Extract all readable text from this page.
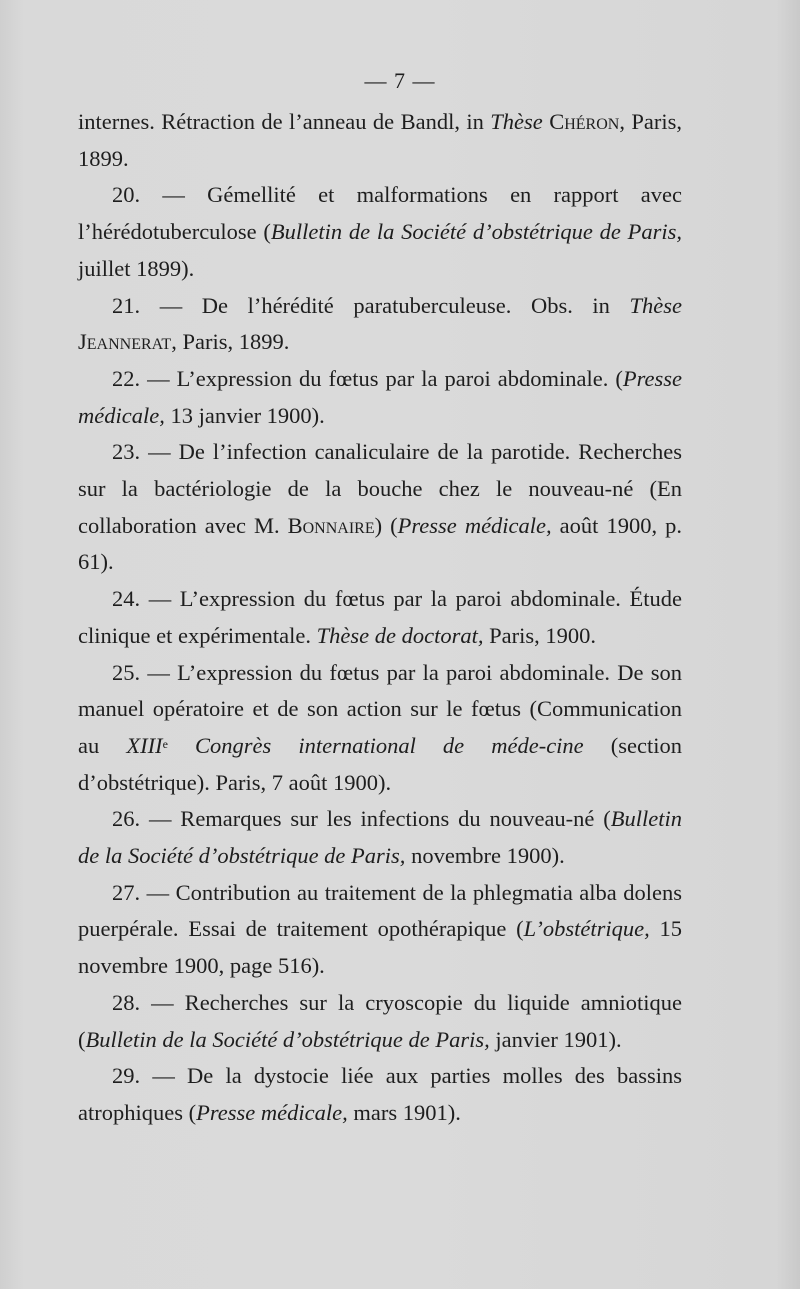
— 7 —

internes. Rétraction de l’anneau de Bandl, in Thèse Chéron, Paris, 1899.

20. — Gémellité et malformations en rapport avec l’hérédotuberculose (Bulletin de la Société d’obstétrique de Paris, juillet 1899).

21. — De l’hérédité paratuberculeuse. Obs. in Thèse Jeannerat, Paris, 1899.

22. — L’expression du fœtus par la paroi abdominale. (Presse médicale, 13 janvier 1900).

23. — De l’infection canaliculaire de la parotide. Recherches sur la bactériologie de la bouche chez le nouveau-né (En collaboration avec M. Bonnaire) (Presse médicale, août 1900, p. 61).

24. — L’expression du fœtus par la paroi abdominale. Étude clinique et expérimentale. Thèse de doctorat, Paris, 1900.

25. — L’expression du fœtus par la paroi abdominale. De son manuel opératoire et de son action sur le fœtus (Communication au XIIIe Congrès international de méde-cine (section d’obstétrique). Paris, 7 août 1900).

26. — Remarques sur les infections du nouveau-né (Bulletin de la Société d’obstétrique de Paris, novembre 1900).

27. — Contribution au traitement de la phlegmatia alba dolens puerpérale. Essai de traitement opothérapique (L’obstétrique, 15 novembre 1900, page 516).

28. — Recherches sur la cryoscopie du liquide amniotique (Bulletin de la Société d’obstétrique de Paris, janvier 1901).

29. — De la dystocie liée aux parties molles des bassins atrophiques (Presse médicale, mars 1901).
